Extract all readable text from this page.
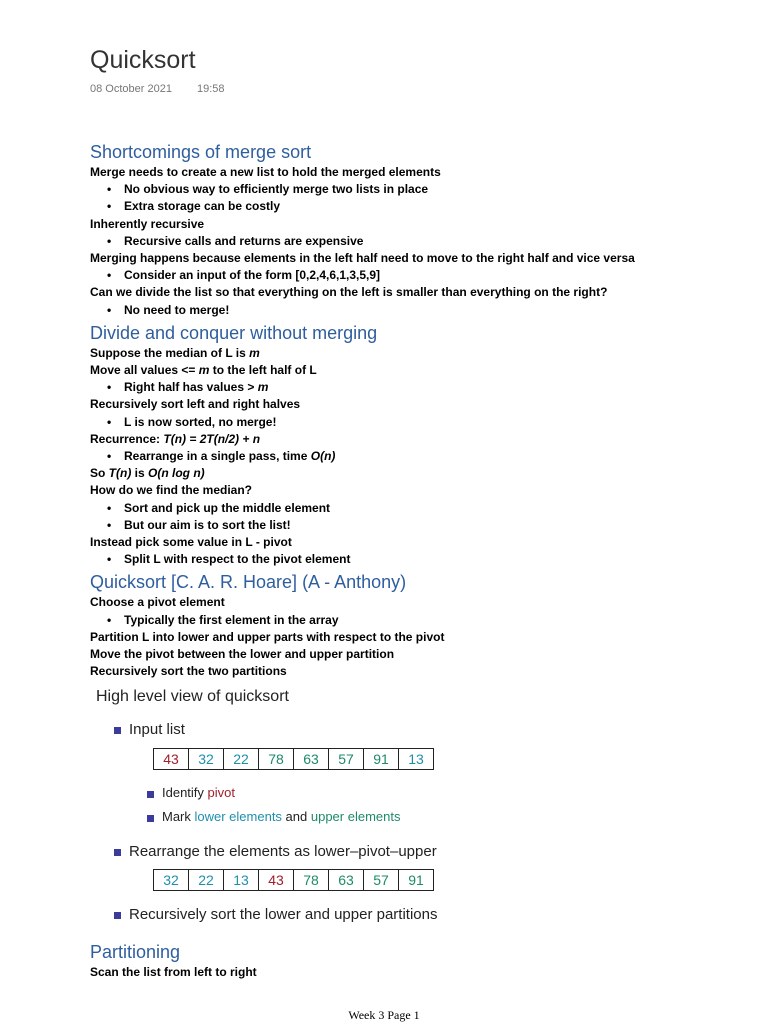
Quicksort
08 October 2021 19:58
Shortcomings of merge sort
Merge needs to create a new list to hold the merged elements
• No obvious way to efficiently merge two lists in place
• Extra storage can be costly
Inherently recursive
• Recursive calls and returns are expensive
Merging happens because elements in the left half need to move to the right half and vice versa
• Consider an input of the form [0,2,4,6,1,3,5,9]
Can we divide the list so that everything on the left is smaller than everything on the right?
• No need to merge!
Divide and conquer without merging
Suppose the median of L is m
Move all values <= m to the left half of L
• Right half has values > m
Recursively sort left and right halves
• L is now sorted, no merge!
Recurrence: T(n) = 2T(n/2) + n
• Rearrange in a single pass, time O(n)
So T(n) is O(n log n)
How do we find the median?
• Sort and pick up the middle element
• But our aim is to sort the list!
Instead pick some value in L - pivot
• Split L with respect to the pivot element
Quicksort [C. A. R. Hoare] (A - Anthony)
Choose a pivot element
• Typically the first element in the array
Partition L into lower and upper parts with respect to the pivot
Move the pivot between the lower and upper partition
Recursively sort the two partitions
High level view of quicksort
Input list
43	32	22	78	63	57	91	13
Identify pivot
Mark lower elements and upper elements
Rearrange the elements as lower–pivot–upper
32	22	13	43	78	63	57	91
Recursively sort the lower and upper partitions
Partitioning
Scan the list from left to right
Week 3 Page 1
